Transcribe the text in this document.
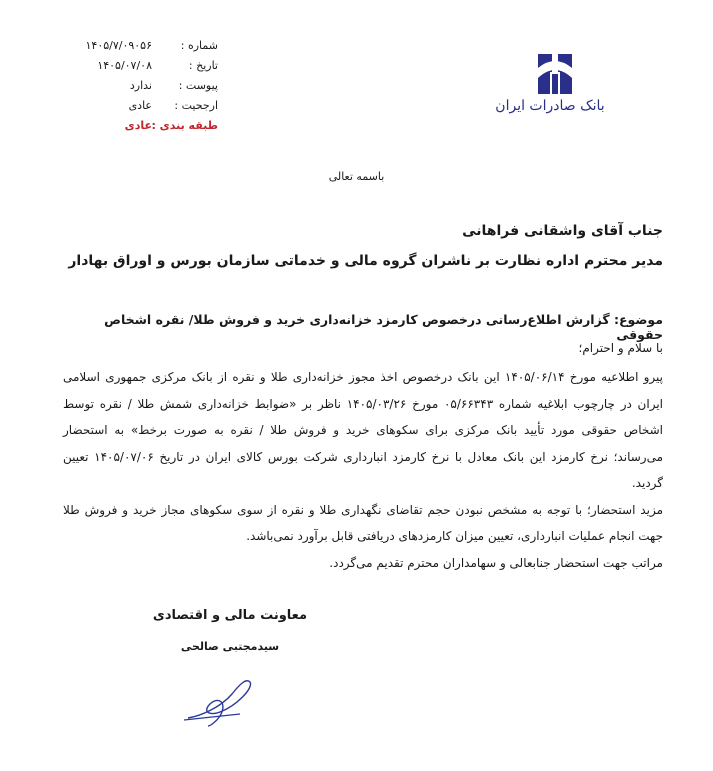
شماره :
۱۴۰۵/۷/۰۹۰۵۶
تاریخ :
۱۴۰۵/۰۷/۰۸
پیوست :
ندارد
ارجحیت :
عادی
طبقه بندی :
عادی
بانک صادرات ایران
باسمه تعالی
جناب آقای واشقانی فراهانی
مدیر محترم اداره نظارت بر ناشران گروه مالی و خدماتی سازمان بورس و اوراق بهادار
موضوع: گزارش اطلاع‌رسانی درخصوص کارمزد خزانه‌داری خرید و فروش طلا/ نقره اشخاص حقوقی
با سلام و احترام؛

پیرو اطلاعیه مورخ ۱۴۰۵/۰۶/۱۴ این بانک درخصوص اخذ مجوز خزانه‌داری طلا و نقره از بانک مرکزی جمهوری اسلامی ایران در چارچوب ابلاغیه شماره ۰۵/۶۶۳۴۳ مورخ ۱۴۰۵/۰۳/۲۶ ناظر بر «ضوابط خزانه‌داری شمش طلا / نقره توسط اشخاص حقوقی مورد تأیید بانک مرکزی برای سکوهای خرید و فروش طلا / نقره به صورت برخط» به استحضار می‌رساند؛ نرخ کارمزد این بانک معادل با نرخ کارمزد انبارداری شرکت بورس کالای ایران در تاریخ ۱۴۰۵/۰۷/۰۶ تعیین گردید.

مزید استحضار؛ با توجه به مشخص نبودن حجم تقاضای نگهداری طلا و نقره از سوی سکوهای مجاز خرید و فروش طلا جهت انجام عملیات انبارداری، تعیین میزان کارمزدهای دریافتی قابل برآورد نمی‌باشد.

مراتب جهت استحضار جنابعالی و سهامداران محترم تقدیم می‌گردد.

معاونت مالی و اقتصادی
سیدمجتبی صالحی
